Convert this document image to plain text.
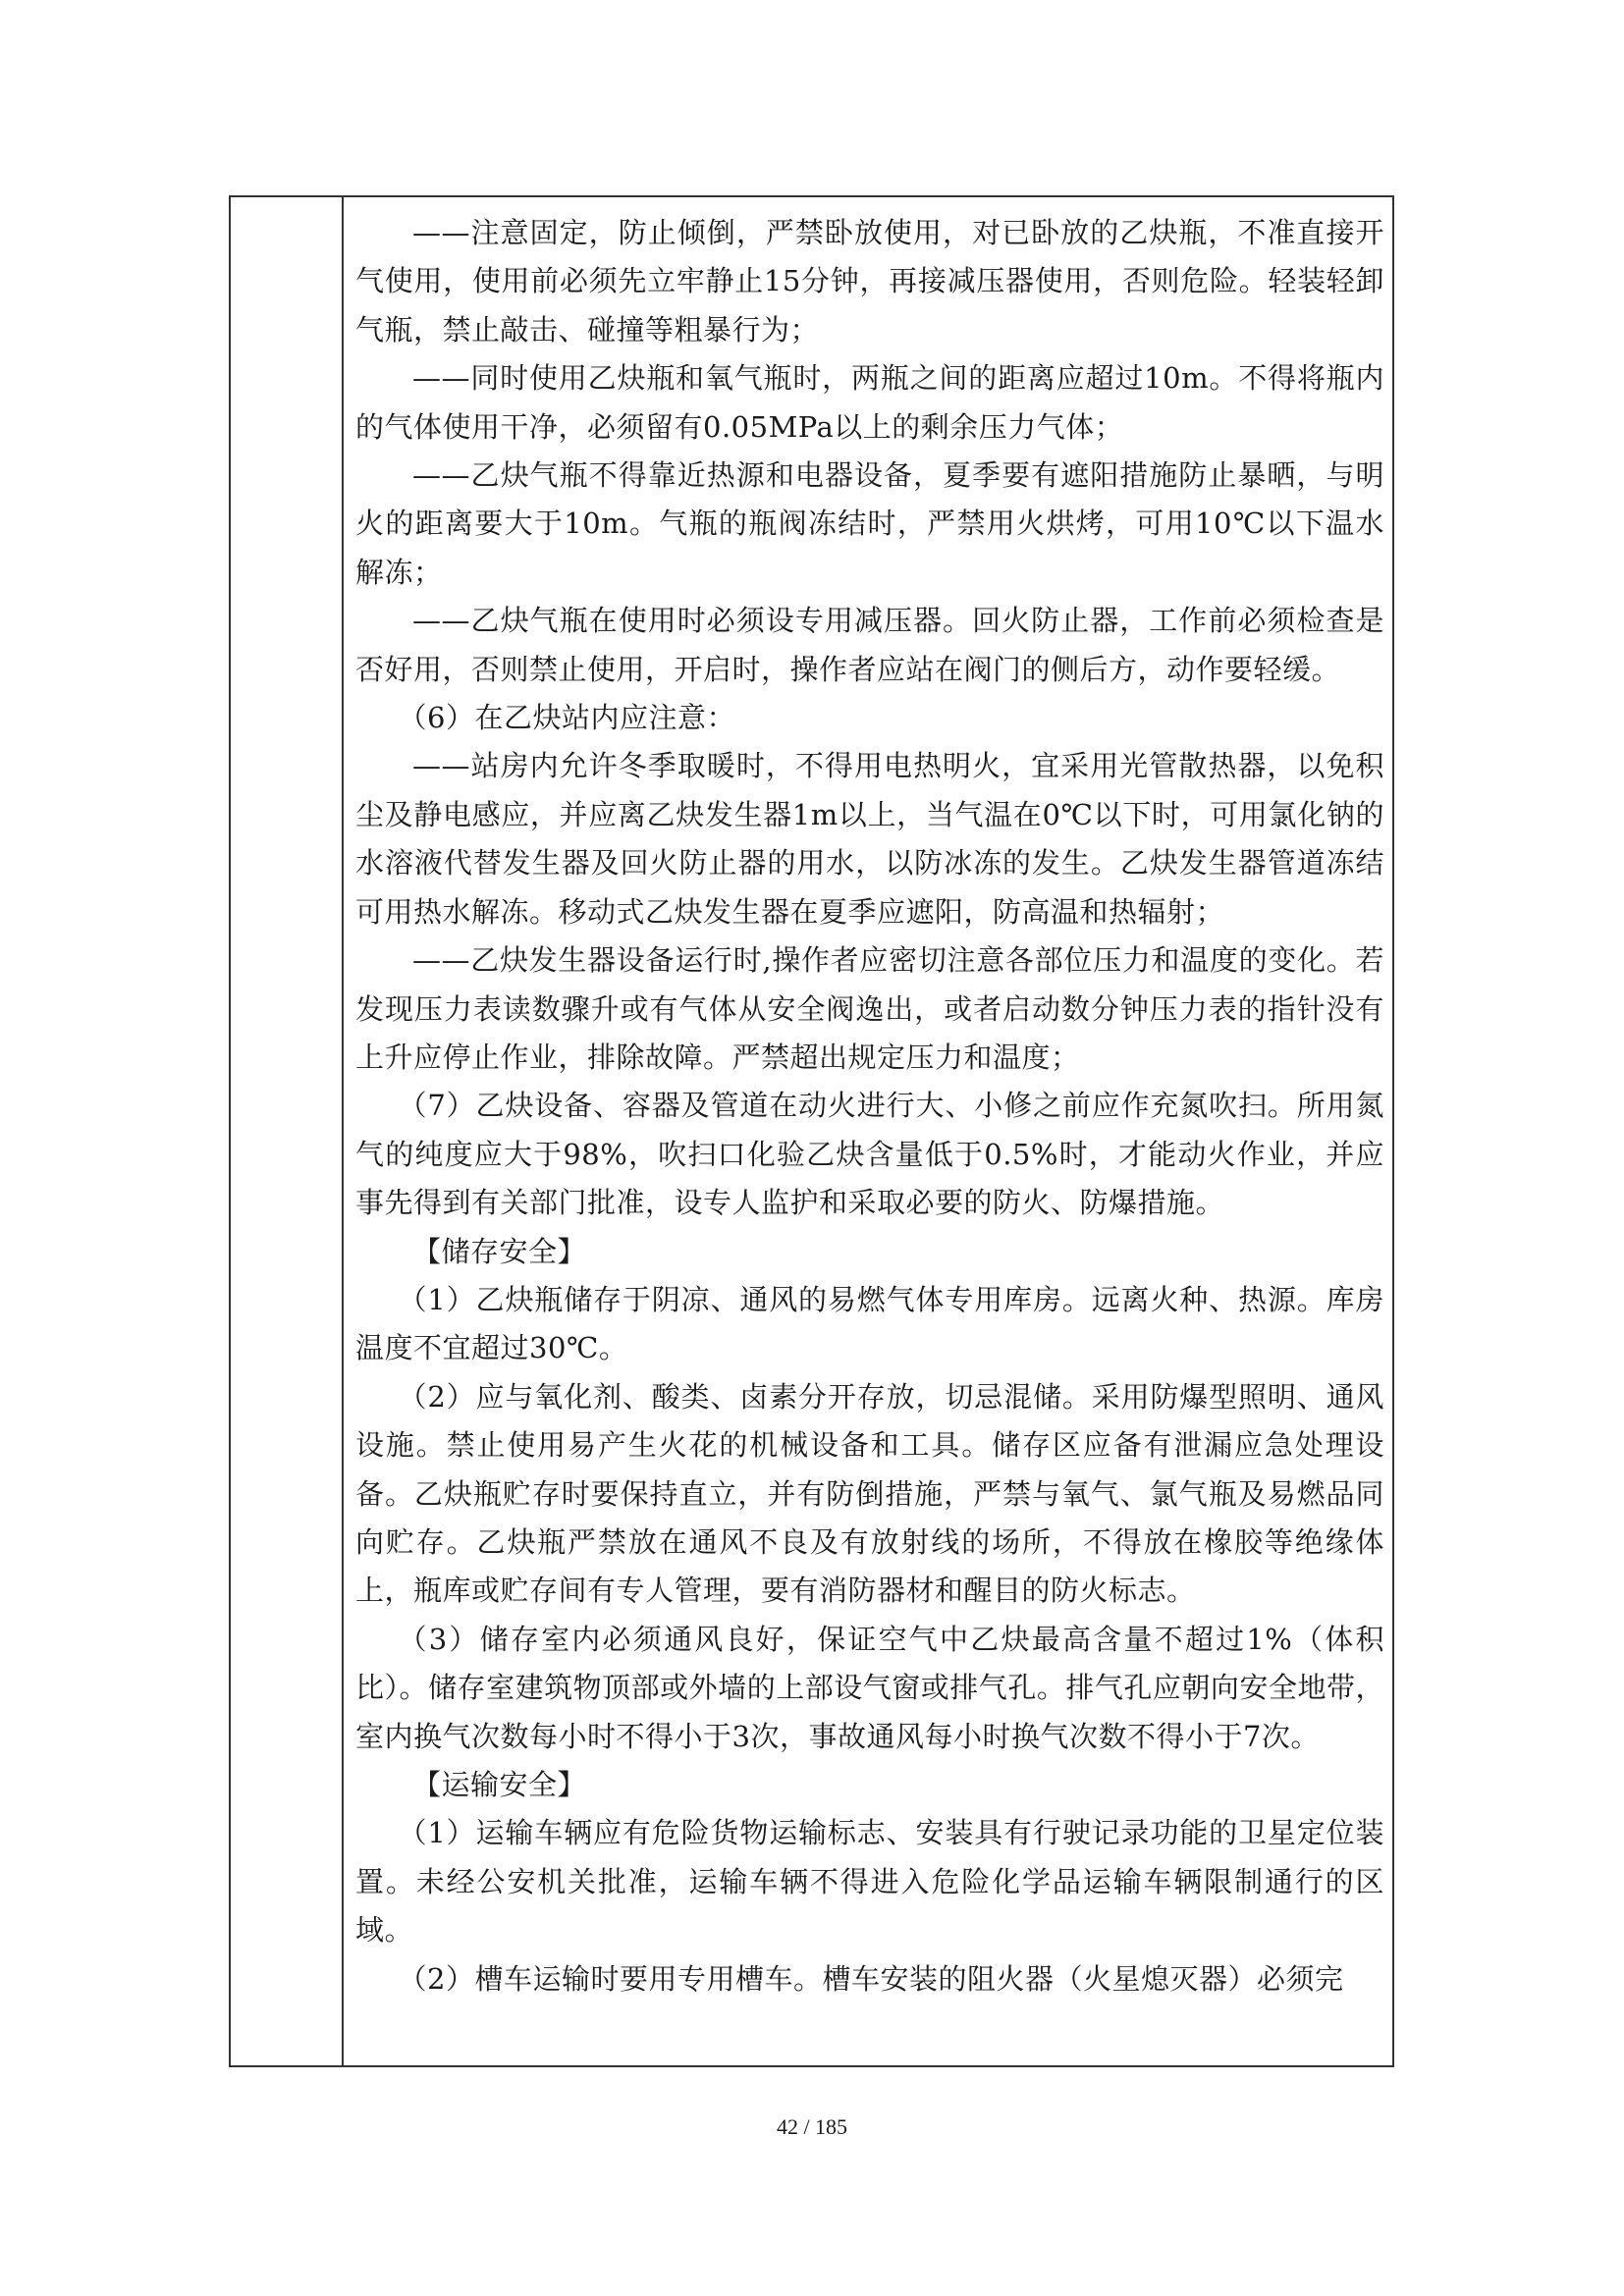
——注意固定，防止倾倒，严禁卧放使用，对已卧放的乙炔瓶，不准直接开气使用，使用前必须先立牢静止15分钟，再接减压器使用，否则危险。轻装轻卸气瓶，禁止敲击、碰撞等粗暴行为；

——同时使用乙炔瓶和氧气瓶时，两瓶之间的距离应超过10m。不得将瓶内的气体使用干净，必须留有0.05MPa以上的剩余压力气体；

——乙炔气瓶不得靠近热源和电器设备，夏季要有遮阳措施防止暴晒，与明火的距离要大于10m。气瓶的瓶阀冻结时，严禁用火烘烤，可用10℃以下温水解冻；

——乙炔气瓶在使用时必须设专用减压器。回火防止器，工作前必须检查是否好用，否则禁止使用，开启时，操作者应站在阀门的侧后方，动作要轻缓。

（6）在乙炔站内应注意：

——站房内允许冬季取暖时，不得用电热明火，宜采用光管散热器，以免积尘及静电感应，并应离乙炔发生器1m以上，当气温在0℃以下时，可用氯化钠的水溶液代替发生器及回火防止器的用水，以防冰冻的发生。乙炔发生器管道冻结可用热水解冻。移动式乙炔发生器在夏季应遮阳，防高温和热辐射；

——乙炔发生器设备运行时,操作者应密切注意各部位压力和温度的变化。若发现压力表读数骤升或有气体从安全阀逸出，或者启动数分钟压力表的指针没有上升应停止作业，排除故障。严禁超出规定压力和温度；

（7）乙炔设备、容器及管道在动火进行大、小修之前应作充氮吹扫。所用氮气的纯度应大于98%，吹扫口化验乙炔含量低于0.5%时，才能动火作业，并应事先得到有关部门批准，设专人监护和采取必要的防火、防爆措施。

【储存安全】

（1）乙炔瓶储存于阴凉、通风的易燃气体专用库房。远离火种、热源。库房温度不宜超过30℃。

（2）应与氧化剂、酸类、卤素分开存放，切忌混储。采用防爆型照明、通风设施。禁止使用易产生火花的机械设备和工具。储存区应备有泄漏应急处理设备。乙炔瓶贮存时要保持直立，并有防倒措施，严禁与氧气、氯气瓶及易燃品同向贮存。乙炔瓶严禁放在通风不良及有放射线的场所，不得放在橡胶等绝缘体上，瓶库或贮存间有专人管理，要有消防器材和醒目的防火标志。

（3）储存室内必须通风良好，保证空气中乙炔最高含量不超过1%（体积比）。储存室建筑物顶部或外墙的上部设气窗或排气孔。排气孔应朝向安全地带，室内换气次数每小时不得小于3次，事故通风每小时换气次数不得小于7次。

【运输安全】

（1）运输车辆应有危险货物运输标志、安装具有行驶记录功能的卫星定位装置。未经公安机关批准，运输车辆不得进入危险化学品运输车辆限制通行的区域。

（2）槽车运输时要用专用槽车。槽车安装的阻火器（火星熄灭器）必须完

42 / 185
